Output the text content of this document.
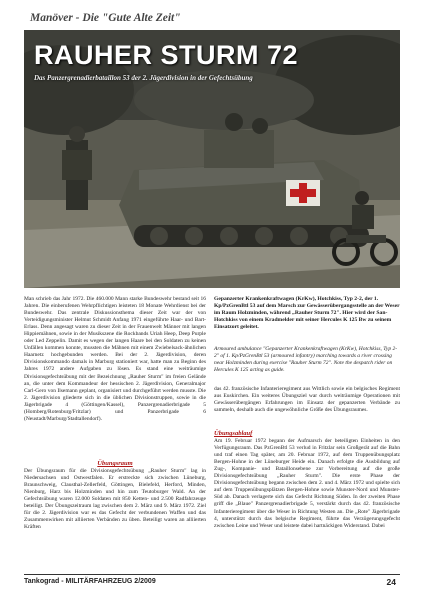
Manöver - Die "Gute Alte Zeit"
RAUHER STURM 72
Das Panzergrenadierbataillon 53 der 2. Jägerdivision in der Gefechtsübung

Man schrieb das Jahr 1972. Die 460.000 Mann starke Bundeswehr bestand seit 16 Jahren. Die einberufenen Wehrpflichtigen leisteten 18 Monate Wehrdienst bei der Bundeswehr. Das zentrale Diskussionsthema dieser Zeit war der von Verteidigungsminister Helmut Schmidt Anfang 1971 eingeführte Haar- und Bart-Erlass. Denn angesagt waren zu dieser Zeit in der Frauenwelt Männer mit langen Hippiemähnen, sowie in der Musikszene die Rockbands Uriah Heep, Deep Purple oder Led Zeppelin. Damit es wegen der langen Haare bei den Soldaten zu keinen Unfällen kommen konnte, mussten die Mähnen mit einem Zwiebelsack-ähnlichen Haarnetz hochgebunden werden. Bei der 2. Jägerdivision, deren Divisionskommando damals in Marburg stationiert war, hatte man zu Beginn des Jahres 1972 andere Aufgaben zu lösen. Es stand eine weiträumige Divisionsgefechtsübung mit der Bezeichnung „Rauher Sturm" im freien Gelände an, die unter dem Kommandeur der hessischen 2. Jägerdivision, Generalmajor Carl-Gero von Ilsemann geplant, organisiert und durchgeführt werden musste. Die 2. Jägerdivision gliederte sich in die üblichen Divisionstruppen, sowie in die Jägerbrigade 4 (Göttingen/Kassel), Panzergrenadierbrigade 5 (Homberg/Rotenburg/Fritzlar) und Panzerbrigade 6 (Neustadt/Marburg/Stadtallendorf).

Übungsraum

Der Übungsraum für die Divisionsgefechtsübung „Rauher Sturm" lag in Niedersachsen und Ostwestfalen. Er erstreckte sich zwischen Lüneburg, Braunschweig, Clausthal-Zellerfeld, Göttingen, Bielefeld, Herford, Minden, Nienburg, Harz bis Holzminden und hin zum Teutoburger Wald. An der Gefechtsübung waren 12.000 Soldaten mit 850 Ketten- und 2.500 Radfahrzeuge beteiligt. Der Übungszeitraum lag zwischen dem 2. März und 9. März 1972. Ziel für die 2. Jägerdivision war es das Gefecht der verbundenen Waffen und das Zusammenwirken mit alliierten Verbänden zu üben. Beteiligt waren an alliierten Kräften

Gepanzerter Krankenkraftwagen (KrKw), Hotchkiss, Typ 2-2, der 1. Kp/PzGrenBtl 53 auf dem Marsch zur Gewässerübergangsstelle an der Weser im Raum Holzminden, während „Rauher Sturm 72". Hier wird der San-Hotchkiss von einem Kradmelder mit seiner Hercules K 125 Bw zu seinem Einsatzort geleitet.
Armoured ambulance "Gepanzerter Krankenkraftwagen (KrKw), Hotchkiss, Typ 2-2" of 1. Kp/PzGrenBtl 53 (armoured infantry) marching towards a river crossing near Holzminden during exercise "Rauher Sturm 72". Note the despatch rider on Hercules K 125 acting as guide.

das 42. französische Infanterieregiment aus Wittlich sowie ein belgisches Regiment aus Euskirchen. Ein weiteres Übungsziel war durch weiträumige Operationen mit Gewässerübergängen Erfahrungen im Einsatz der gepanzerten Verbände zu sammeln, deshalb auch die ungewöhnliche Größe des Übungsraumes.

Übungsablauf

Am 19. Februar 1972 begann der Aufmarsch der beteiligten Einheiten in den Verfügungsraum. Das PzGrenBtl 53 verlud in Fritzlar sein Großgerät auf die Bahn und traf einen Tag später, am 20. Februar 1972, auf dem Truppenübungsplatz Bergen-Hohne in der Lüneburger Heide ein. Danach erfolgte die Ausbildung auf Zug-, Kompanie- und Bataillonsebene zur Vorbereitung auf die große Divisionsgefechtsübung „Rauher Sturm". Die erste Phase der Divisionsgefechtsübung begann zwischen dem 2. und 4. März 1972 und spielte sich auf dem Truppenübungsplätzen Bergen-Hohne sowie Munster-Nord und Munster-Süd ab. Danach verlagerte sich das Gefecht Richtung Süden. In der zweiten Phase griff die „Blaue" Panzergrenadierbrigade 5, verstärkt durch das 42. französische Infanterieregiment über die Weser in Richtung Westen an. Die „Rote" Jägerbrigade 4, unterstützt durch das belgische Regiment, führte das Verzögerungsgefecht zwischen Leine und Weser und leistete dabei hartnäckigen Widerstand. Dabei

Tankograd - MILITÄRFAHRZEUG 2/2009	24
